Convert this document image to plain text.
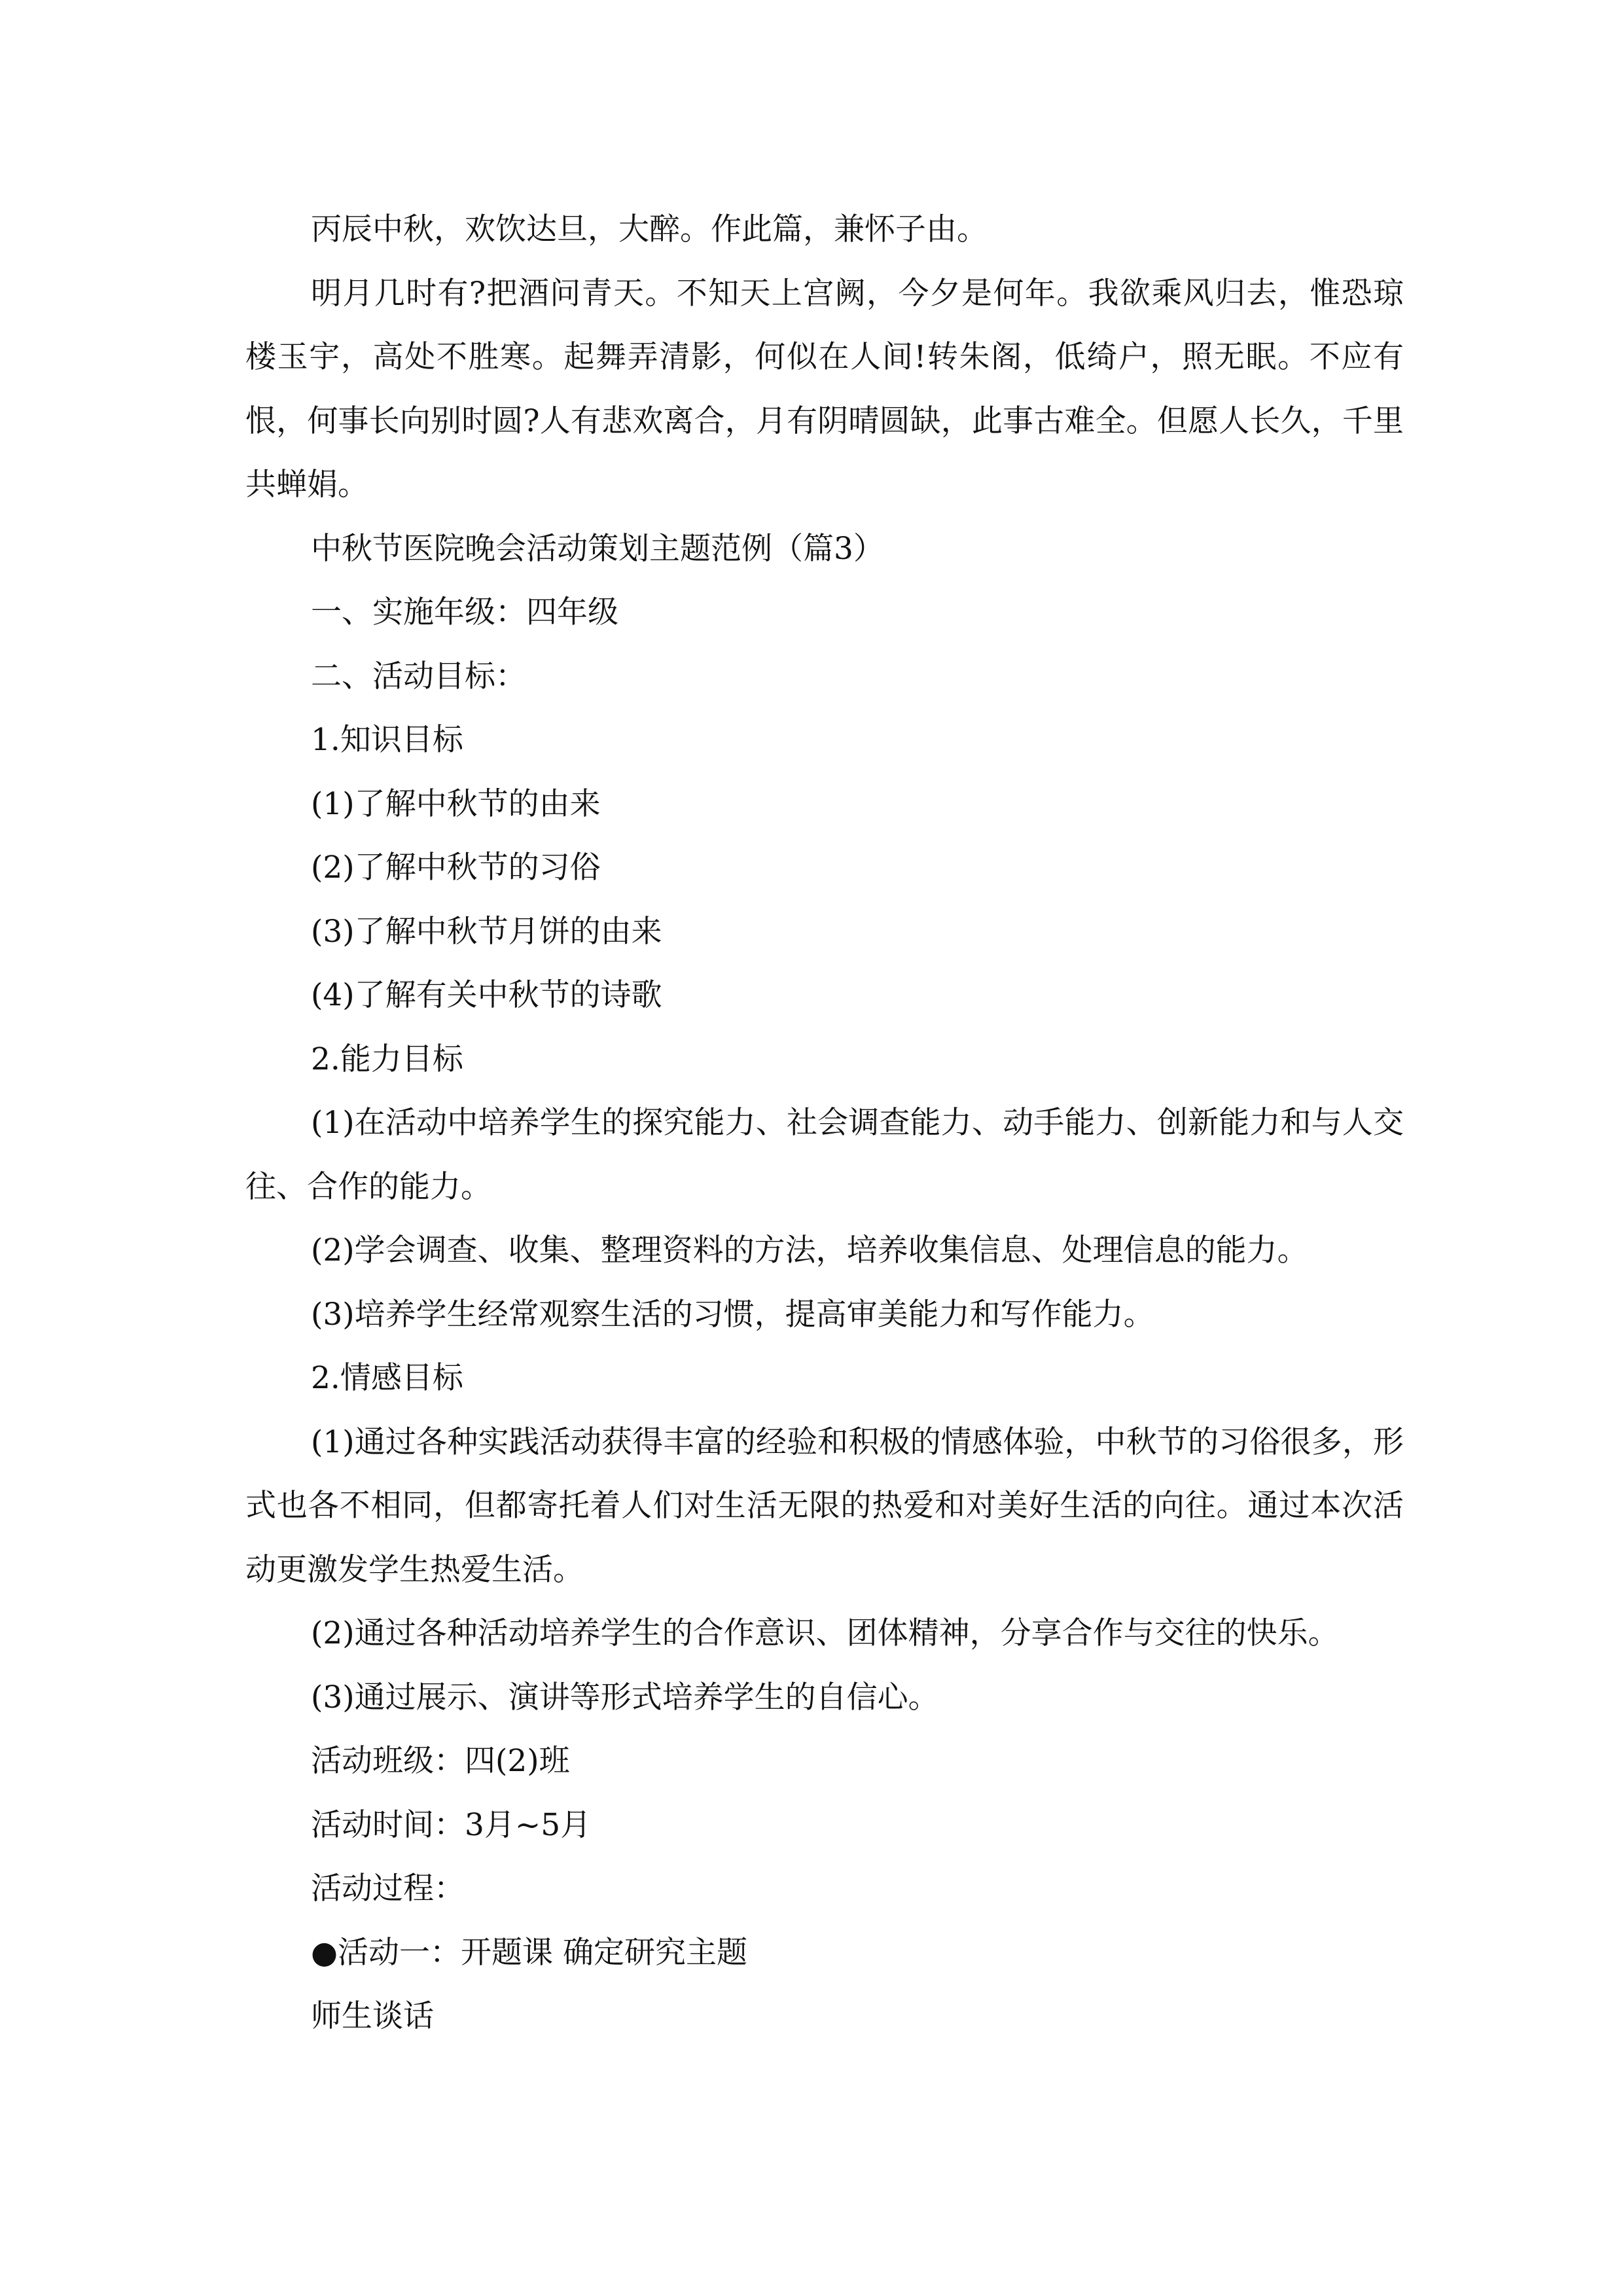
丙辰中秋，欢饮达旦，大醉。作此篇，兼怀子由。

明月几时有?把酒问青天。不知天上宫阙，今夕是何年。我欲乘风归去，惟恐琼楼玉宇，高处不胜寒。起舞弄清影，何似在人间!转朱阁，低绮户，照无眠。不应有恨，何事长向别时圆?人有悲欢离合，月有阴晴圆缺，此事古难全。但愿人长久，千里共蝉娟。

中秋节医院晚会活动策划主题范例（篇3）

一、实施年级：四年级

二、活动目标：

1.知识目标

(1)了解中秋节的由来

(2)了解中秋节的习俗

(3)了解中秋节月饼的由来

(4)了解有关中秋节的诗歌

2.能力目标

(1)在活动中培养学生的探究能力、社会调查能力、动手能力、创新能力和与人交往、合作的能力。

(2)学会调查、收集、整理资料的方法，培养收集信息、处理信息的能力。

(3)培养学生经常观察生活的习惯，提高审美能力和写作能力。

2.情感目标

(1)通过各种实践活动获得丰富的经验和积极的情感体验，中秋节的习俗很多，形式也各不相同，但都寄托着人们对生活无限的热爱和对美好生活的向往。通过本次活动更激发学生热爱生活。

(2)通过各种活动培养学生的合作意识、团体精神，分享合作与交往的快乐。

(3)通过展示、演讲等形式培养学生的自信心。

活动班级：四(2)班

活动时间：3月~5月

活动过程：

●活动一：开题课 确定研究主题

师生谈话
